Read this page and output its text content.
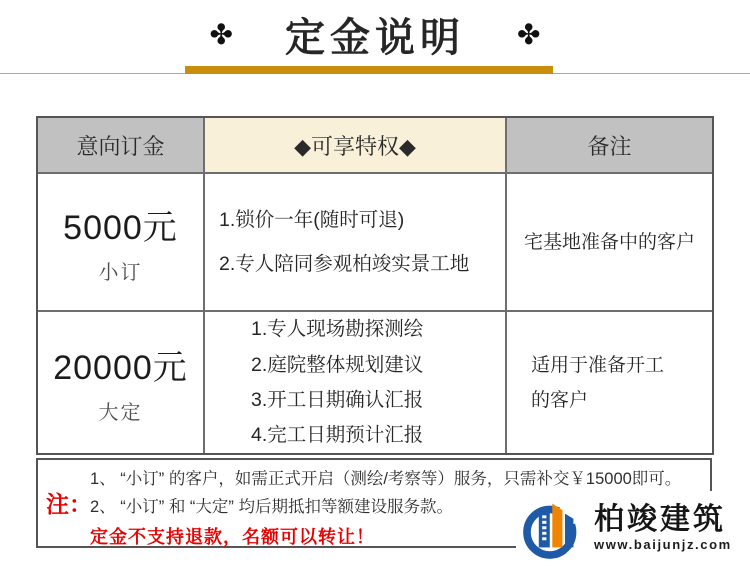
✤ 定金说明 ✤
意向订金	◆可享特权◆	备注
5000元
小订
1.锁价一年(随时可退)
2.专人陪同参观柏竣实景工地
宅基地准备中的客户
20000元
大定
1.专人现场勘探测绘
2.庭院整体规划建议
3.开工日期确认汇报
4.完工日期预计汇报
适用于准备开工 的客户
注：
1、 “小订” 的客户，如需正式开启（测绘/考察等）服务，只需补交￥15000即可。
2、 “小订” 和 “大定” 均后期抵扣等额建设服务款。
定金不支持退款，名额可以转让！
柏竣建筑
www.baijunjz.com
